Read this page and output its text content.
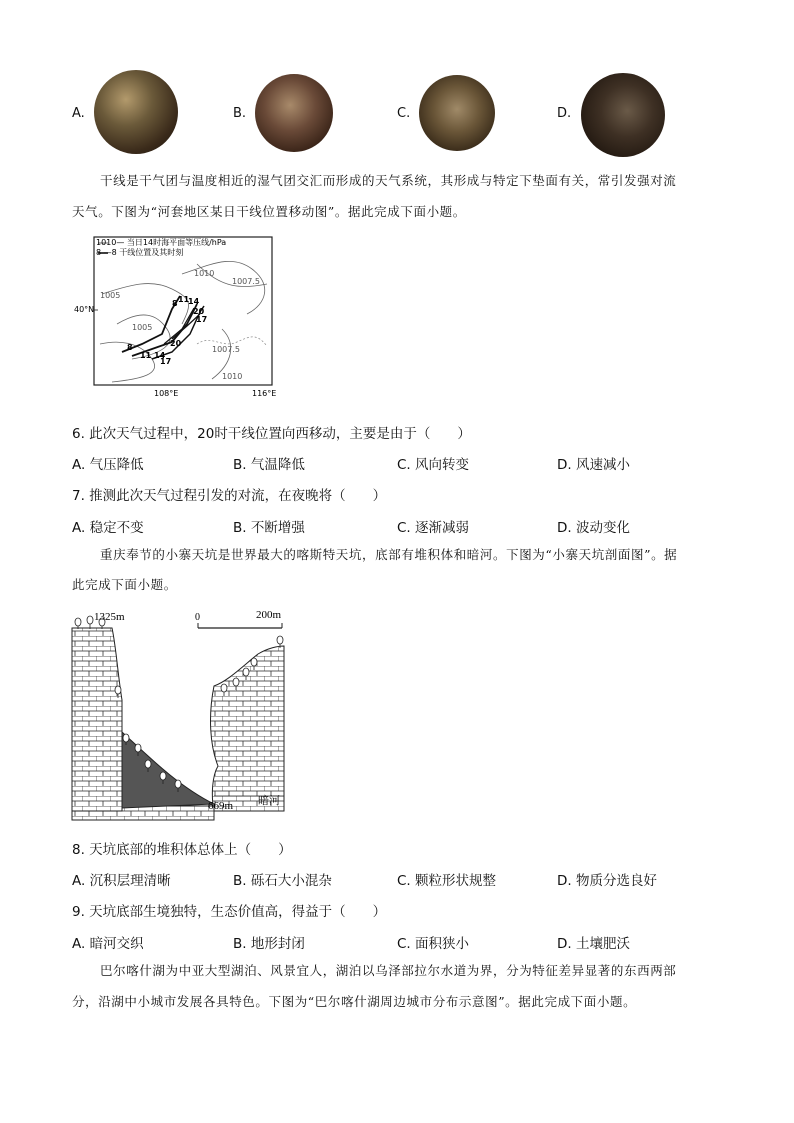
A.	B.	C.	D.
干线是干气团与温度相近的湿气团交汇而形成的天气系统，其形成与特定下垫面有关，常引发强对流
天气。下图为“河套地区某日干线位置移动图”。据此完成下面小题。
1010— 当日14时海平面等压线/hPa
8 —8 干线位置及其时刻
1010
1007.5
1005
1005
1007.5
1010
8 11
14
17
20
8
11 14
17
20
40°N
108°E	116°E
6. 此次天气过程中，20时干线位置向西移动，主要是由于（　　）
A. 气压降低	B. 气温降低	C. 风向转变	D. 风速减小
7. 推测此次天气过程引发的对流，在夜晚将（　　）
A. 稳定不变	B. 不断增强	C. 逐渐减弱	D. 波动变化
重庆奉节的小寨天坑是世界最大的喀斯特天坑，底部有堆积体和暗河。下图为“小寨天坑剖面图”。据
此完成下面小题。
0	200m
1325m
669m 暗河
8. 天坑底部的堆积体总体上（　　）
A. 沉积层理清晰	B. 砾石大小混杂	C. 颗粒形状规整	D. 物质分选良好
9. 天坑底部生境独特，生态价值高，得益于（　　）
A. 暗河交织	B. 地形封闭	C. 面积狭小	D. 土壤肥沃
巴尔喀什湖为中亚大型湖泊、风景宜人，湖泊以乌泽部拉尔水道为界，分为特征差异显著的东西两部
分，沿湖中小城市发展各具特色。下图为“巴尔喀什湖周边城市分布示意图”。据此完成下面小题。
